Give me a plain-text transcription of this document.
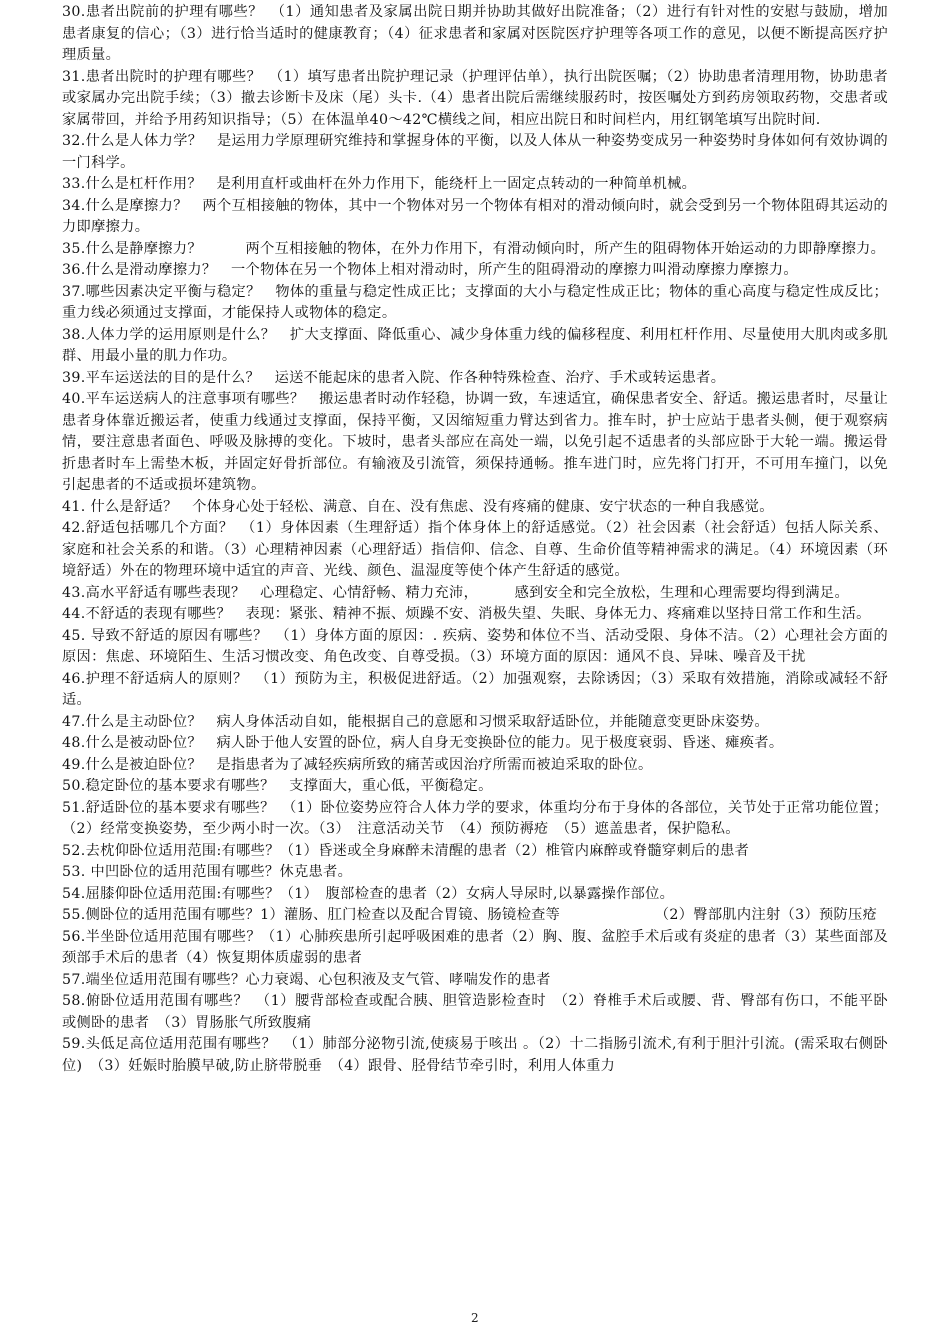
30.患者出院前的护理有哪些？　（1）通知患者及家属出院日期并协助其做好出院准备；（2）进行有针对性的安慰与鼓励，增加患者康复的信心；（3）进行恰当适时的健康教育；（4）征求患者和家属对医院医疗护理等各项工作的意见，以便不断提高医疗护理质量。

31.患者出院时的护理有哪些？　（1）填写患者出院护理记录（护理评估单），执行出院医嘱；（2）协助患者清理用物，协助患者或家属办完出院手续；（3）撤去诊断卡及床（尾）头卡.（4）患者出院后需继续服药时，按医嘱处方到药房领取药物，交患者或家属带回，并给予用药知识指导；（5）在体温单40～42℃横线之间，相应出院日和时间栏内，用红钢笔填写出院时间.

32.什么是人体力学？　是运用力学原理研究维持和掌握身体的平衡，以及人体从一种姿势变成另一种姿势时身体如何有效协调的一门科学。

33.什么是杠杆作用？　是利用直杆或曲杆在外力作用下，能绕杆上一固定点转动的一种简单机械。

34.什么是摩擦力？　两个互相接触的物体，其中一个物体对另一个物体有相对的滑动倾向时，就会受到另一个物体阻碍其运动的力即摩擦力。

35.什么是静摩擦力？　　　两个互相接触的物体，在外力作用下，有滑动倾向时，所产生的阻碍物体开始运动的力即静摩擦力。

36.什么是滑动摩擦力？　一个物体在另一个物体上相对滑动时，所产生的阻碍滑动的摩擦力叫滑动摩擦力摩擦力。

37.哪些因素决定平衡与稳定？　物体的重量与稳定性成正比；支撑面的大小与稳定性成正比；物体的重心高度与稳定性成反比；重力线必须通过支撑面，才能保持人或物体的稳定。

38.人体力学的运用原则是什么？　扩大支撑面、降低重心、减少身体重力线的偏移程度、利用杠杆作用、尽量使用大肌肉或多肌群、用最小量的肌力作功。

39.平车运送法的目的是什么？　运送不能起床的患者入院、作各种特殊检查、治疗、手术或转运患者。

40.平车运送病人的注意事项有哪些？　搬运患者时动作轻稳，协调一致，车速适宜，确保患者安全、舒适。搬运患者时，尽量让患者身体靠近搬运者，使重力线通过支撑面，保持平衡，又因缩短重力臂达到省力。推车时，护士应站于患者头侧，便于观察病情，要注意患者面色、呼吸及脉搏的变化。下坡时，患者头部应在高处一端，以免引起不适患者的头部应卧于大轮一端。搬运骨折患者时车上需垫木板，并固定好骨折部位。有输液及引流管，须保持通畅。推车进门时，应先将门打开，不可用车撞门，以免引起患者的不适或损坏建筑物。

41. 什么是舒适？　个体身心处于轻松、满意、自在、没有焦虑、没有疼痛的健康、安宁状态的一种自我感觉。

42.舒适包括哪几个方面？　（1）身体因素（生理舒适）指个体身体上的舒适感觉。（2）社会因素（社会舒适）包括人际关系、家庭和社会关系的和谐。（3）心理精神因素（心理舒适）指信仰、信念、自尊、生命价值等精神需求的满足。（4）环境因素（环境舒适）外在的物理环境中适宜的声音、光线、颜色、温湿度等使个体产生舒适的感觉。

43.高水平舒适有哪些表现？　心理稳定、心情舒畅、精力充沛，　　　感到安全和完全放松，生理和心理需要均得到满足。

44.不舒适的表现有哪些？　表现：紧张、精神不振、烦躁不安、消极失望、失眠、身体无力、疼痛难以坚持日常工作和生活。

45. 导致不舒适的原因有哪些？　（1）身体方面的原因：. 疾病、姿势和体位不当、活动受限、身体不洁。（2）心理社会方面的原因：焦虑、环境陌生、生活习惯改变、角色改变、自尊受损。（3）环境方面的原因：通风不良、异味、噪音及干扰

46.护理不舒适病人的原则？　（1）预防为主，积极促进舒适。（2）加强观察，去除诱因；（3）采取有效措施，消除或减轻不舒适。

47.什么是主动卧位？　病人身体活动自如，能根据自己的意愿和习惯采取舒适卧位，并能随意变更卧床姿势。

48.什么是被动卧位？　病人卧于他人安置的卧位，病人自身无变换卧位的能力。见于极度衰弱、昏迷、瘫痪者。

49.什么是被迫卧位？　是指患者为了减轻疾病所致的痛苦或因治疗所需而被迫采取的卧位。

50.稳定卧位的基本要求有哪些？　支撑面大，重心低，平衡稳定。

51.舒适卧位的基本要求有哪些？　（1）卧位姿势应符合人体力学的要求，体重均分布于身体的各部位，关节处于正常功能位置；（2）经常变换姿势，至少两小时一次。（3）　注意活动关节　（4）预防褥疮　（5）遮盖患者，保护隐私。

52.去枕仰卧位适用范围:有哪些？（1）昏迷或全身麻醉未清醒的患者（2）椎管内麻醉或脊髓穿刺后的患者

53. 中凹卧位的适用范围有哪些？休克患者。

54.屈膝仰卧位适用范围:有哪些？（1）　腹部检查的患者（2）女病人导尿时,以暴露操作部位。

55.侧卧位的适用范围有哪些？1）灌肠、肛门检查以及配合胃镜、肠镜检查等　　　　　　　（2）臀部肌内注射（3）预防压疮

56.半坐卧位适用范围有哪些？（1）心肺疾患所引起呼吸困难的患者（2）胸、腹、盆腔手术后或有炎症的患者（3）某些面部及颈部手术后的患者（4）恢复期体质虚弱的患者

57.端坐位适用范围有哪些？心力衰竭、心包积液及支气管、哮喘发作的患者

58.俯卧位适用范围有哪些？　（1）腰背部检查或配合胰、胆管造影检查时　（2）脊椎手术后或腰、背、臀部有伤口，不能平卧或侧卧的患者　（3）胃肠胀气所致腹痛

59.头低足高位适用范围有哪些？　（1）肺部分泌物引流,使痰易于咳出 。（2）十二指肠引流术,有利于胆汁引流。(需采取右侧卧位)　（3）妊娠时胎膜早破,防止脐带脱垂　（4）跟骨、胫骨结节牵引时，利用人体重力

2
